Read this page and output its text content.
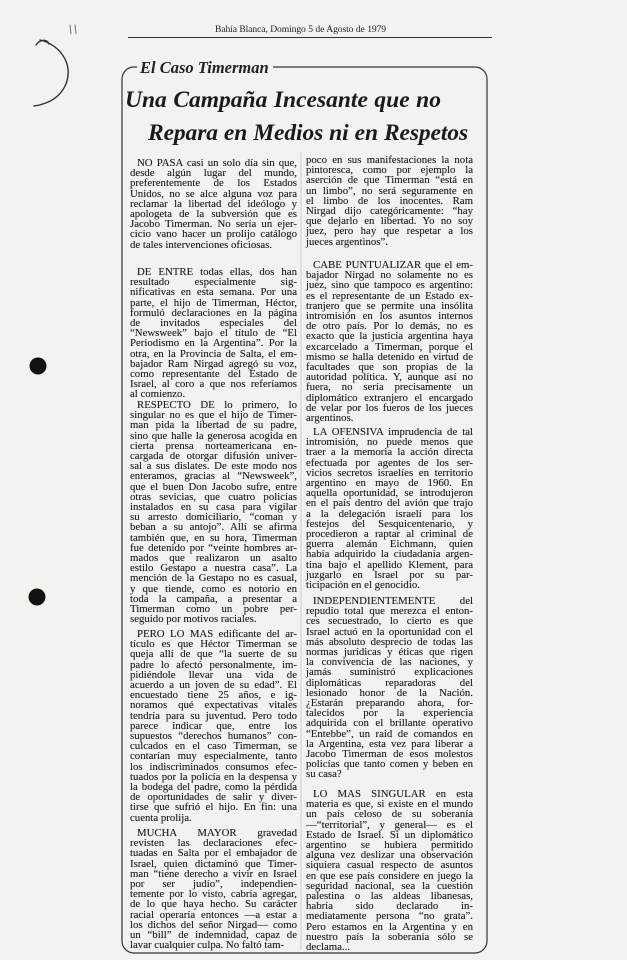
Bahía Blanca, Domingo 5 de Agosto de 1979
El Caso Timerman
Una Campaña Incesante que no
Repara en Medios ni en Respetos
NO PASA casi un solo día sin que,
desde algún lugar del mundo,
preferentemente de los Estados
Unidos, no se alce alguna voz para
reclamar la libertad del ideólogo y
apologeta de la subversión que es
Jacobo Timerman. No sería un ejer-
cicio vano hacer un prolijo catálogo
de tales intervenciones oficiosas.
DE ENTRE todas ellas, dos han
resultado especialmente sig-
nificativas en esta semana. Por una
parte, el hijo de Timerman, Héctor,
formuló declaraciones en la página
de invitados especiales del
“Newsweek” bajo el título de “El
Periodismo en la Argentina”. Por la
otra, en la Provincia de Salta, el em-
bajador Ram Nirgad agregó su voz,
como representante del Estado de
Israel, al coro a que nos referíamos
al comienzo.
RESPECTO DE lo primero, lo
singular no es que el hijo de Timer-
man pida la libertad de su padre,
sino que halle la generosa acogida en
cierta prensa norteamericana en-
cargada de otorgar difusión univer-
sal a sus dislates. De este modo nos
enteramos, gracias al “Newsweek”,
que el buen Don Jacobo sufre, entre
otras sevicias, que cuatro policías
instalados en su casa para vigilar
su arresto domiciliario, “coman y
beban a su antojo”. Allí se afirma
también que, en su hora, Timerman
fue detenido por “veinte hombres ar-
mados que realizaron un asalto
estilo Gestapo a nuestra casa”. La
mención de la Gestapo no es casual,
y que tiende, como es notorio en
toda la campaña, a presentar a
Timerman como un pobre per-
seguido por motivos raciales.
PERO LO MAS edificante del ar-
tículo es que Héctor Timerman se
queja allí de que “la suerte de su
padre lo afectó personalmente, im-
pidiéndole llevar una vida de
acuerdo a un joven de su edad”. El
encuestado tiene 25 años, e ig-
noramos qué expectativas vitales
tendría para su juventud. Pero todo
parece indicar que, entre los
supuestos “derechos humanos” con-
culcados en el caso Timerman, se
contarían muy especialmente, tanto
los indiscriminados consumos efec-
tuados por la policía en la despensa y
la bodega del padre, como la pérdida
de oportunidades de salir y diver-
tirse que sufrió el hijo. En fin: una
cuenta prolija.
MUCHA MAYOR gravedad
revisten las declaraciones efec-
tuadas en Salta por el embajador de
Israel, quien dictaminó que Timer-
man “tiene derecho a vivir en Israel
por ser judío”, independien-
temente por lo visto, cabría agregar,
de lo que haya hecho. Su carácter
racial operaría entonces —a estar a
los dichos del señor Nirgad— como
un “bill” de indemnidad, capaz de
lavar cualquier culpa. No faltó tam-
poco en sus manifestaciones la nota
pintoresca, como por ejemplo la
aserción de que Timerman “está en
un limbo”, no será seguramente en
el limbo de los inocentes. Ram
Nirgad dijo categóricamente: “hay
que dejarlo en libertad. Yo no soy
juez, pero hay que respetar a los
jueces argentinos”.
CABE PUNTUALIZAR que el em-
bajador Nirgad no solamente no es
juez, sino que tampoco es argentino:
es el representante de un Estado ex-
tranjero que se permite una insólita
intromisión en los asuntos internos
de otro país. Por lo demás, no es
exacto que la justicia argentina haya
excarcelado a Timerman, porque el
mismo se halla detenido en virtud de
facultades que son propias de la
autoridad política. Y, aunque así no
fuera, no sería precisamente un
diplomático extranjero el encargado
de velar por los fueros de los jueces
argentinos.
LA OFENSIVA imprudencia de tal
intromisión, no puede menos que
traer a la memoria la acción directa
efectuada por agentes de los ser-
vicios secretos israelíes en territorio
argentino en mayo de 1960. En
aquella oportunidad, se introdujeron
en el país dentro del avión que trajo
a la delegación israelí para los
festejos del Sesquicentenario, y
procedieron a raptar al criminal de
guerra alemán Eichmann, quien
había adquirido la ciudadanía argen-
tina bajo el apellido Klement, para
juzgarlo en Israel por su par-
ticipación en el genocidio.
INDEPENDIENTEMENTE del
repudio total que merezca el enton-
ces secuestrado, lo cierto es que
Israel actuó en la oportunidad con el
más absoluto desprecio de todas las
normas jurídicas y éticas que rigen
la convivencia de las naciones, y
jamás suministró explicaciones
diplomáticas reparadoras del
lesionado honor de la Nación.
¿Estarán preparando ahora, for-
talecidos por la experiencia
adquirida con el brillante operativo
“Entebbe”, un raid de comandos en
la Argentina, esta vez para liberar a
Jacobo Timerman de esos molestos
policías que tanto comen y beben en
su casa?
LO MAS SINGULAR en esta
materia es que, si existe en el mundo
un país celoso de su soberanía
—“territorial”, y general— es el
Estado de Israel. Si un diplomático
argentino se hubiera permitido
alguna vez deslizar una observación
siquiera casual respecto de asuntos
en que ese país considere en juego la
seguridad nacional, sea la cuestión
palestina o las aldeas libanesas,
habría sido declarado in-
mediatamente persona “no grata”.
Pero estamos en la Argentina y en
nuestro país la soberanía sólo se
declama...
